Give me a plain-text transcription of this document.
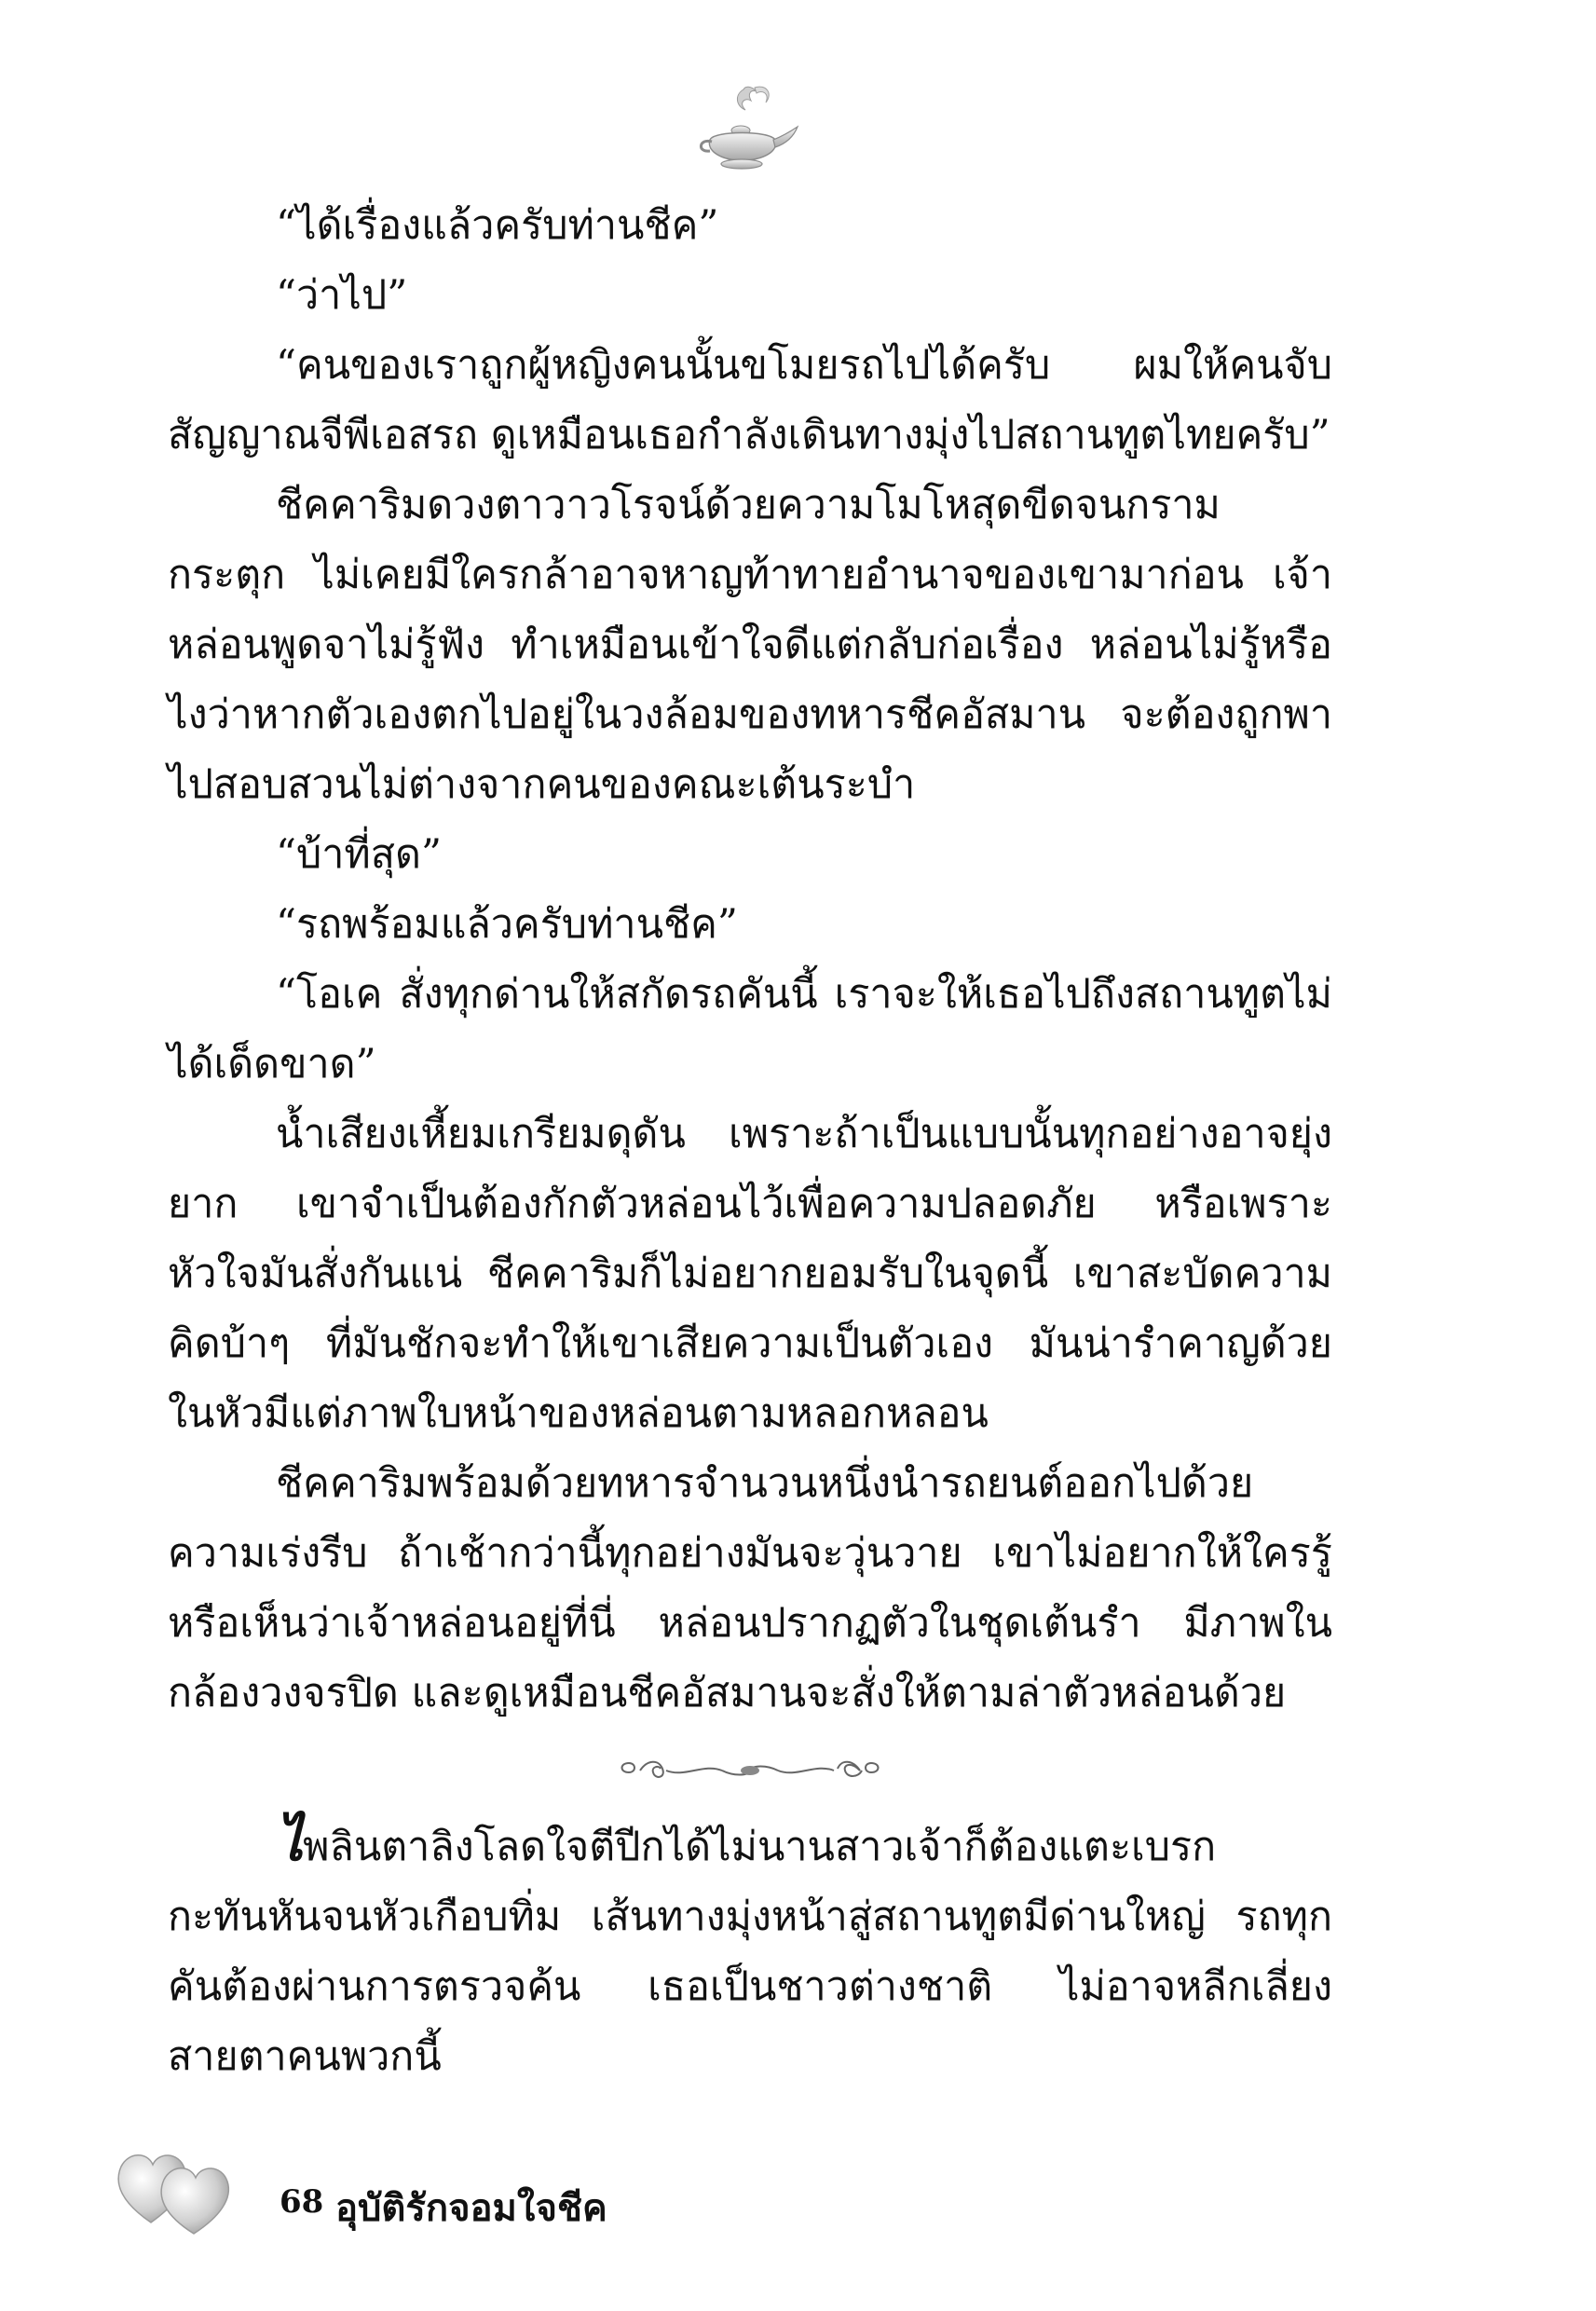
“ได้เรื่องแล้วครับท่านชีค”

“ว่าไป”

“คนของเราถูกผู้หญิงคนนั้นขโมยรถไปได้ครับ ผมให้คนจับสัญญาณจีพีเอสรถ ดูเหมือนเธอกำลังเดินทางมุ่งไปสถานทูตไทยครับ”

ชีคคาริมดวงตาวาวโรจน์ด้วยความโมโหสุดขีดจนกรามกระตุก ไม่เคยมีใครกล้าอาจหาญท้าทายอำนาจของเขามาก่อน เจ้าหล่อนพูดจาไม่รู้ฟัง ทำเหมือนเข้าใจดีแต่กลับก่อเรื่อง หล่อนไม่รู้หรือไงว่าหากตัวเองตกไปอยู่ในวงล้อมของทหารชีคอัสมาน จะต้องถูกพาไปสอบสวนไม่ต่างจากคนของคณะเต้นระบำ

“บ้าที่สุด”

“รถพร้อมแล้วครับท่านชีค”

“โอเค สั่งทุกด่านให้สกัดรถคันนี้ เราจะให้เธอไปถึงสถานทูตไม่ได้เด็ดขาด”

น้ำเสียงเหี้ยมเกรียมดุดัน เพราะถ้าเป็นแบบนั้นทุกอย่างอาจยุ่งยาก เขาจำเป็นต้องกักตัวหล่อนไว้เพื่อความปลอดภัย หรือเพราะหัวใจมันสั่งกันแน่ ชีคคาริมก็ไม่อยากยอมรับในจุดนี้ เขาสะบัดความคิดบ้าๆ ที่มันชักจะทำให้เขาเสียความเป็นตัวเอง มันน่ารำคาญด้วยในหัวมีแต่ภาพใบหน้าของหล่อนตามหลอกหลอน

ชีคคาริมพร้อมด้วยทหารจำนวนหนึ่งนำรถยนต์ออกไปด้วยความเร่งรีบ ถ้าเช้ากว่านี้ทุกอย่างมันจะวุ่นวาย เขาไม่อยากให้ใครรู้หรือเห็นว่าเจ้าหล่อนอยู่ที่นี่ หล่อนปรากฏตัวในชุดเต้นรำ มีภาพในกล้องวงจรปิด และดูเหมือนชีคอัสมานจะสั่งให้ตามล่าตัวหล่อนด้วย

ไพลินตาลิงโลดใจตีปีกได้ไม่นานสาวเจ้าก็ต้องแตะเบรกกะทันหันจนหัวเกือบทิ่ม เส้นทางมุ่งหน้าสู่สถานทูตมีด่านใหญ่ รถทุกคันต้องผ่านการตรวจค้น เธอเป็นชาวต่างชาติ ไม่อาจหลีกเลี่ยงสายตาคนพวกนี้

68 อุบัติรักจอมใจชีค
